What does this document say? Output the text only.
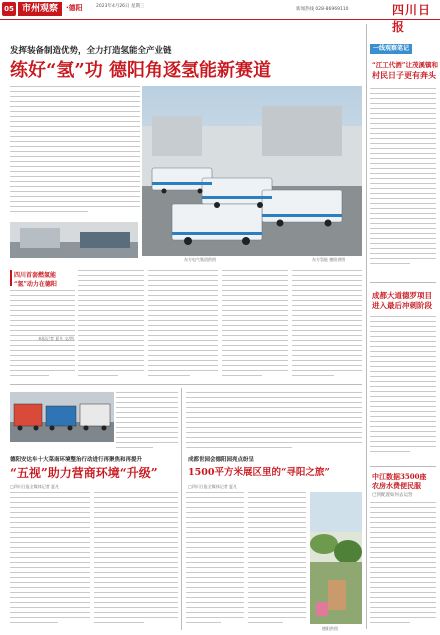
05 市州观察	·德阳	2023年4月26日 星期三
新闻热线 028-86969110	四川日报
发挥装备制造优势，全力打造氢能全产业链
练好“氢”功 德阳角逐氢能新赛道
东方电气集团供图	东方氢能 德阳供图
四川首套燃氢能
“氢”动力在德阳
本报记者 夏凡 文/图
一线观察笔记
“江工代酒”让茂溪镇和
村民日子更有奔头
成都大道德罗项目
进入最后冲刺阶段
中江数据3500座
农房水费便民服
已到配置如何去运营
德阳安达车十大菜南环境整治行动进行再聚焦和再提升
“五视”助力营商环境“升级”
□四川日报全媒体记者 夏凡
成都世园会德阳园亮点纷呈
1500平方米展区里的“寻阳之旅”
□四川日报全媒体记者 夏凡
德阳供图
